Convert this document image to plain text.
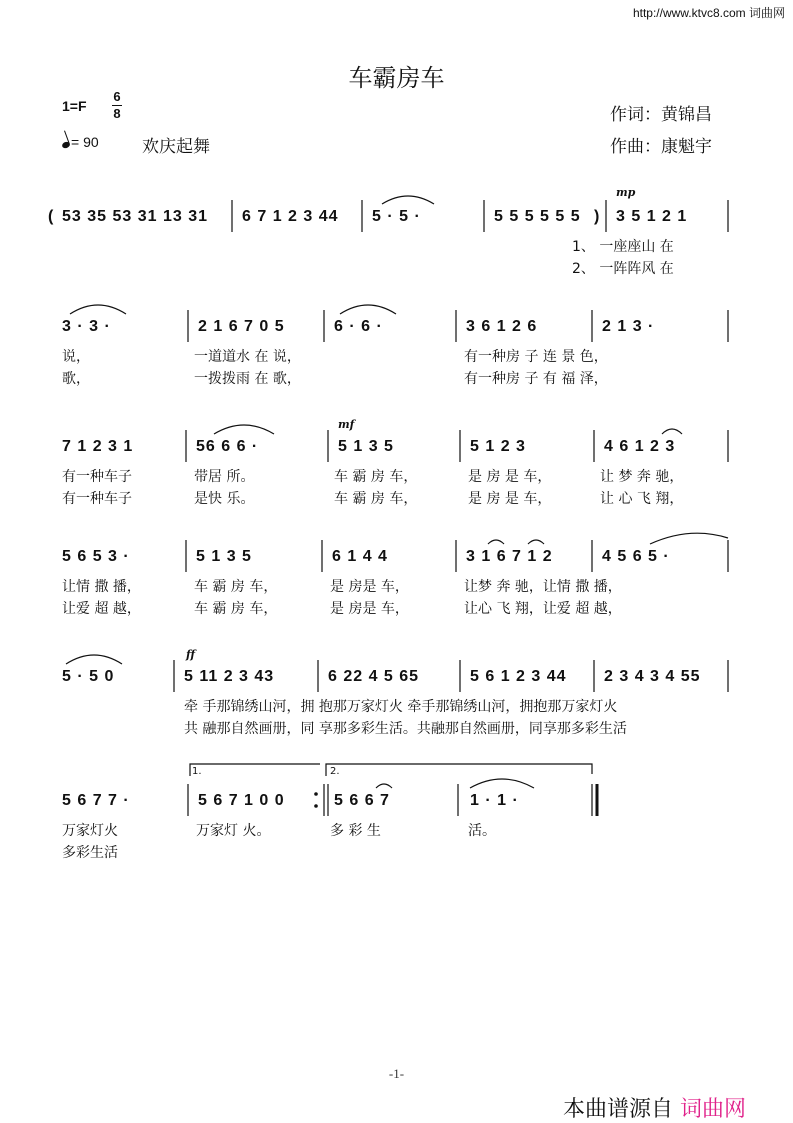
http://www.ktvc8.com 词曲网
车霸房车
1=F
6
8
= 90	欢庆起舞
作词：黄锦昌
作曲：康魁宇
( 53 35 53 31 13 31 6 7 1 2 3 44 5 · 5 ·	5 5 5 5 5 5 ) 3 5 1 2 1
mp
1、 一座座山 在
2、 一阵阵风 在
3 · 3 ·	2 1 6 7 0 5	6 · 6 ·	3 6 1 2 6	2 1 3 ·
说，	一道道水 在 说，	有一种房 子 连 景 色，
歌，	一拨拨雨 在 歌，	有一种房 子 有 福 泽，
7 1 2 3 1	56 6 6 ·	5 1 3 5	5 1 2 3	4 6 1 2 3
mf
有一种车子	带居 所。	车 霸 房 车，	是 房 是 车，	让 梦 奔 驰，
有一种车子	是快 乐。	车 霸 房 车，	是 房 是 车，	让 心 飞 翔，
5 6 5 3 ·	5 1 3 5	6 1 4 4	3 1 6 7 1 2	4 5 6 5 ·
让情 撒 播，	车 霸 房 车，	是 房是 车，	让梦 奔 驰，让情 撒 播，
让爱 超 越，	车 霸 房 车，	是 房是 车，	让心 飞 翔，让爱 超 越，
5 · 5 0	5 11 2 3 43	6 22 4 5 65	5 6 1 2 3 44 2 3 4 3 4 55
ff
牵 手那锦绣山河，拥 抱那万家灯火 牵手那锦绣山河，拥抱那万家灯火
共 融那自然画册，同 享那多彩生活。共融那自然画册，同享那多彩生活
1.	2.
5 6 7 7 ·	5 6 7 1 0 0	5 6 6 7	1 · 1 ·
万家灯火	万家灯 火。	多 彩 生	活。
多彩生活
-1-
本曲谱源自 词曲网
